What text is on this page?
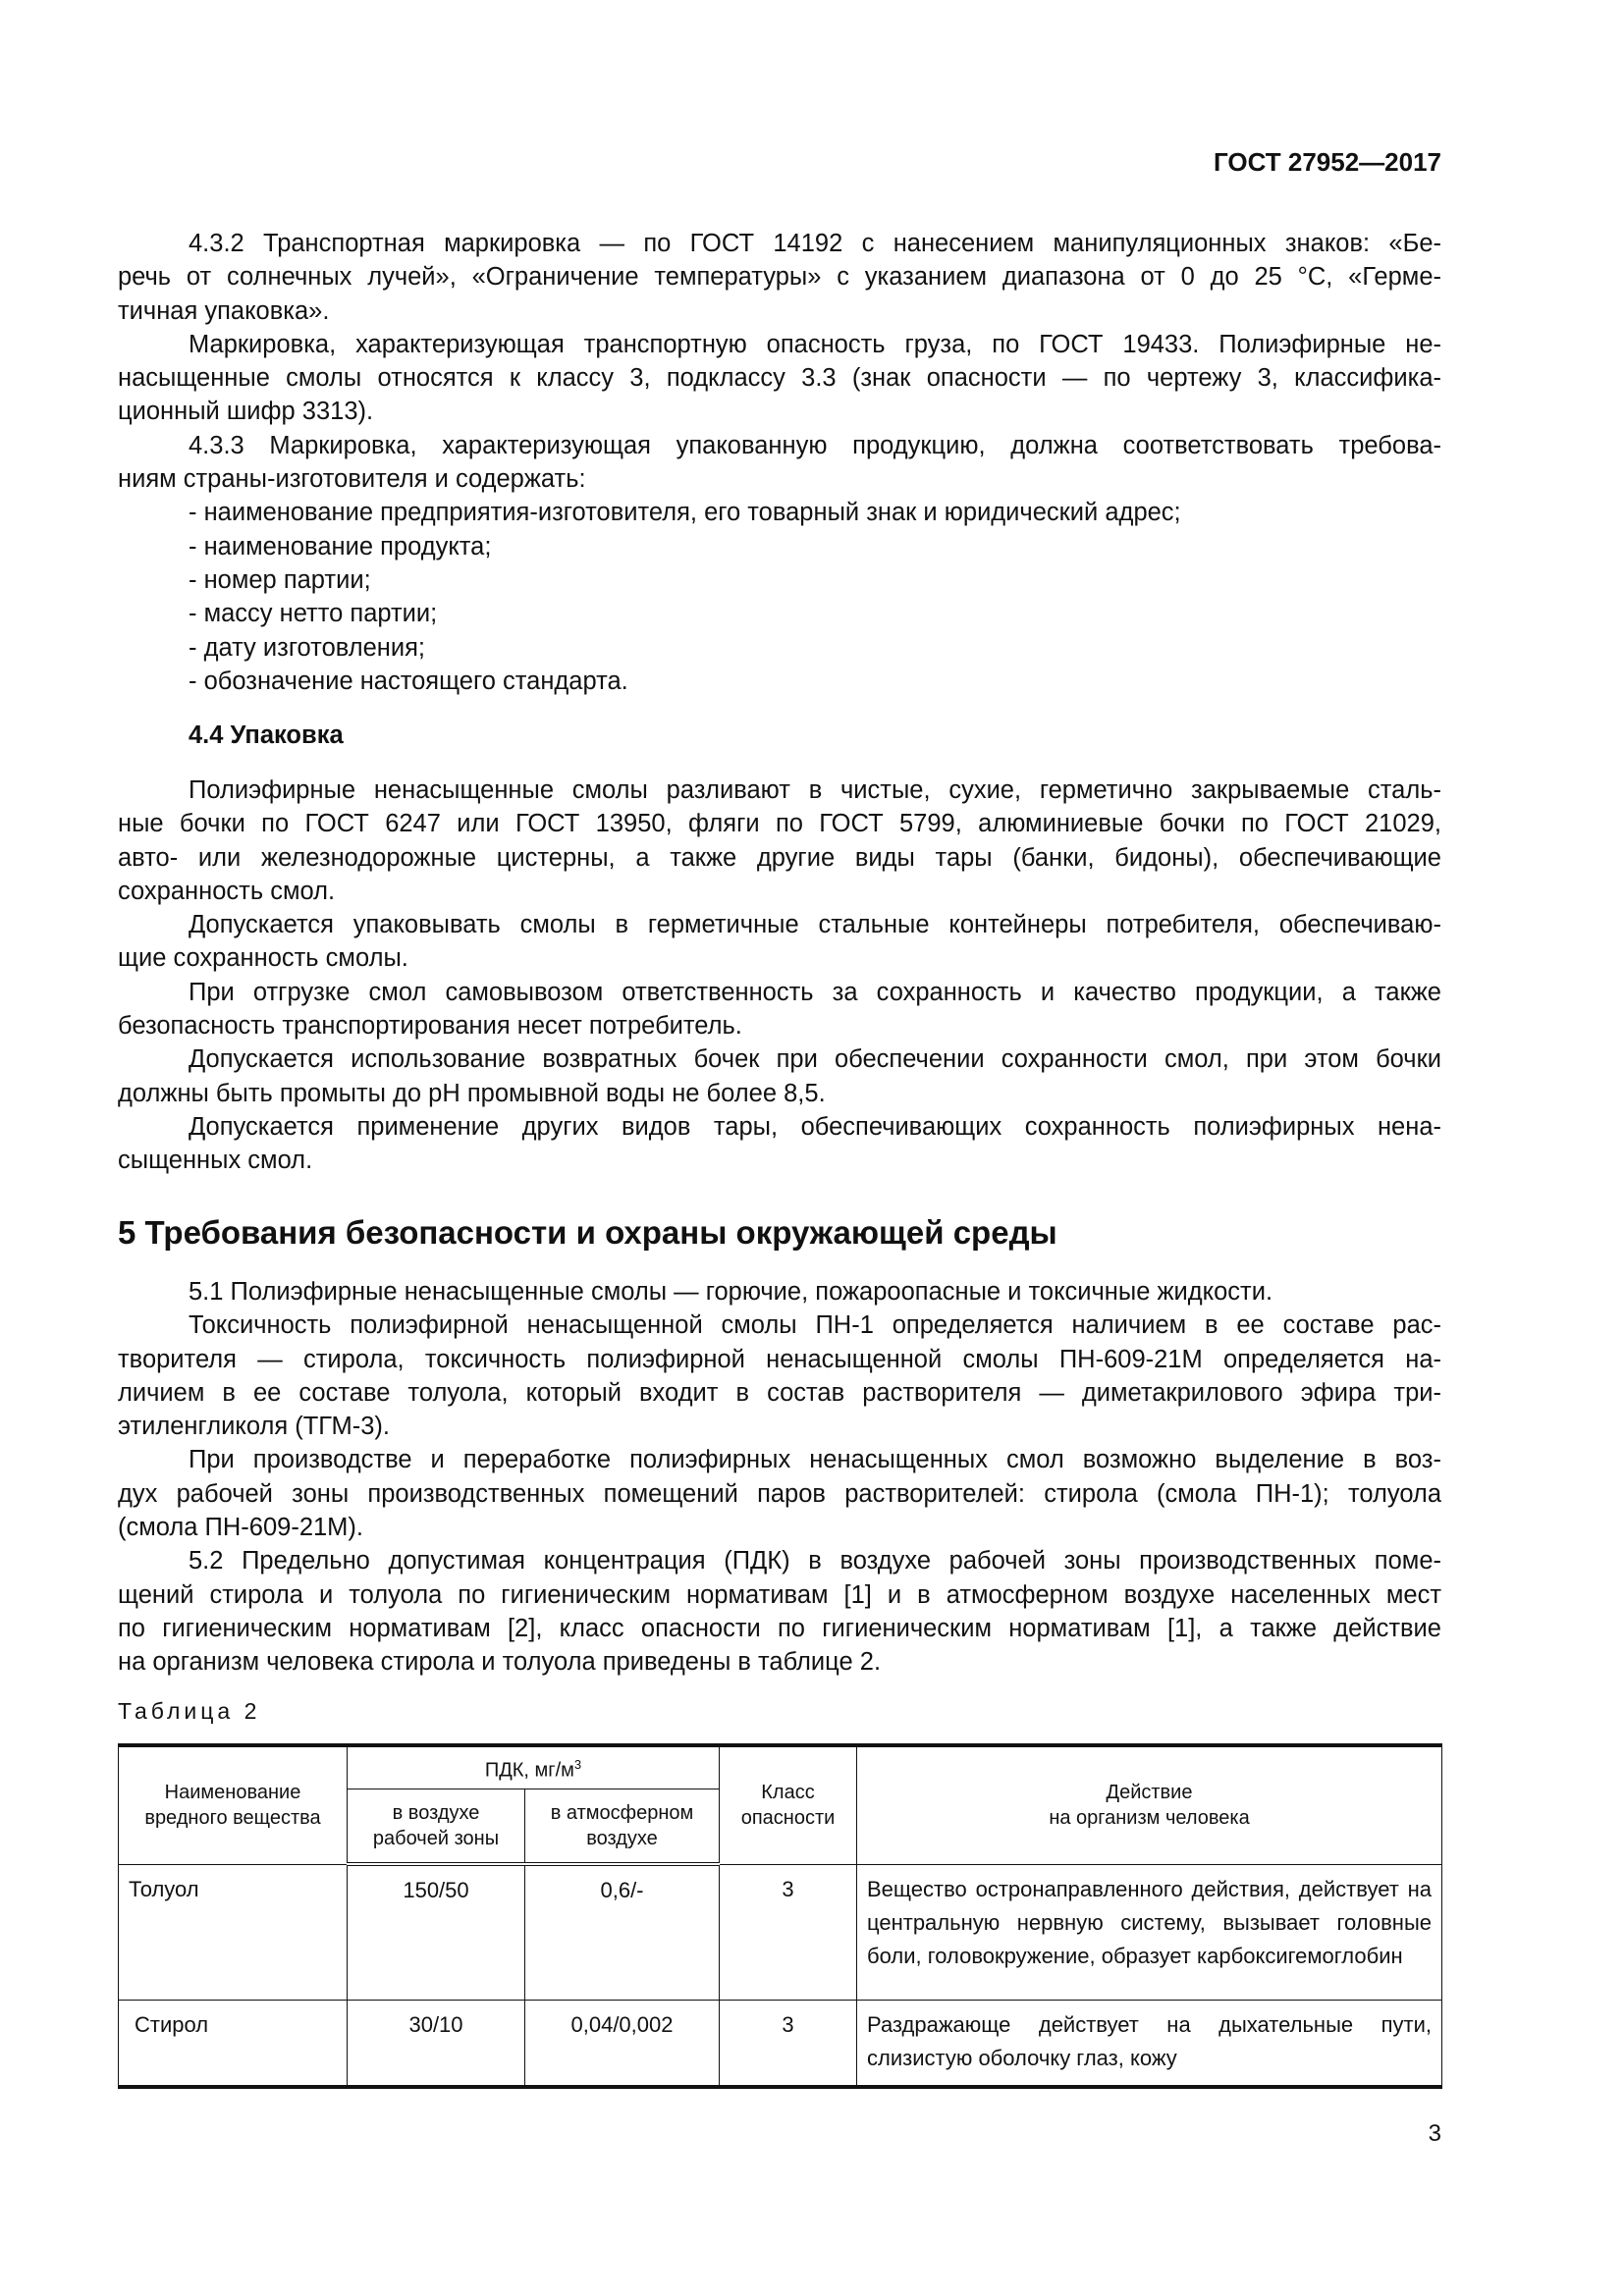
ГОСТ 27952—2017
4.3.2 Транспортная маркировка — по ГОСТ 14192 с нанесением манипуляционных знаков: «Бе-
речь от солнечных лучей», «Ограничение температуры» с указанием диапазона от 0 до 25 °С, «Герме-
тичная упаковка».
Маркировка, характеризующая транспортную опасность груза, по ГОСТ 19433. Полиэфирные не-
насыщенные смолы относятся к классу 3, подклассу 3.3 (знак опасности — по чертежу 3, классифика-
ционный шифр 3313).
4.3.3 Маркировка, характеризующая упакованную продукцию, должна соответствовать требова-
ниям страны-изготовителя и содержать:
- наименование предприятия-изготовителя, его товарный знак и юридический адрес;
- наименование продукта;
- номер партии;
- массу нетто партии;
- дату изготовления;
- обозначение настоящего стандарта.
4.4 Упаковка
Полиэфирные ненасыщенные смолы разливают в чистые, сухие, герметично закрываемые сталь-
ные бочки по ГОСТ 6247 или ГОСТ 13950, фляги по ГОСТ 5799, алюминиевые бочки по ГОСТ 21029,
авто- или железнодорожные цистерны, а также другие виды тары (банки, бидоны), обеспечивающие
сохранность смол.
Допускается упаковывать смолы в герметичные стальные контейнеры потребителя, обеспечиваю-
щие сохранность смолы.
При отгрузке смол самовывозом ответственность за сохранность и качество продукции, а также
безопасность транспортирования несет потребитель.
Допускается использование возвратных бочек при обеспечении сохранности смол, при этом бочки
должны быть промыты до pH промывной воды не более 8,5.
Допускается применение других видов тары, обеспечивающих сохранность полиэфирных нена-
сыщенных смол.
5 Требования безопасности и охраны окружающей среды
5.1 Полиэфирные ненасыщенные смолы — горючие, пожароопасные и токсичные жидкости.
Токсичность полиэфирной ненасыщенной смолы ПН-1 определяется наличием в ее составе рас-
творителя — стирола, токсичность полиэфирной ненасыщенной смолы ПН-609-21М определяется на-
личием в ее составе толуола, который входит в состав растворителя — диметакрилового эфира три-
этиленгликоля (ТГМ-3).
При производстве и переработке полиэфирных ненасыщенных смол возможно выделение в воз-
дух рабочей зоны производственных помещений паров растворителей: стирола (смола ПН-1); толуола
(смола ПН-609-21М).
5.2 Предельно допустимая концентрация (ПДК) в воздухе рабочей зоны производственных поме-
щений стирола и толуола по гигиеническим нормативам [1] и в атмосферном воздухе населенных мест
по гигиеническим нормативам [2], класс опасности по гигиеническим нормативам [1], а также действие
на организм человека стирола и толуола приведены в таблице 2.
Таблица 2
Наименование вредного вещества	ПДК, $мг/м^3$		Класс опасности	Действие
на организм человека

	в воздухе рабочей зоны	в атмосферном воздухе		
Толуол	150/50	0,6/-	3	Вещество остронаправленного действия, действует на центральную нервную систему, вызывает головные боли, головокружение, образует карбоксигемоглобин
Стирол	30/10	0,04/0,002	3	Раздражающе действует на дыхательные пути, слизистую оболочку глаз, кожу
3
